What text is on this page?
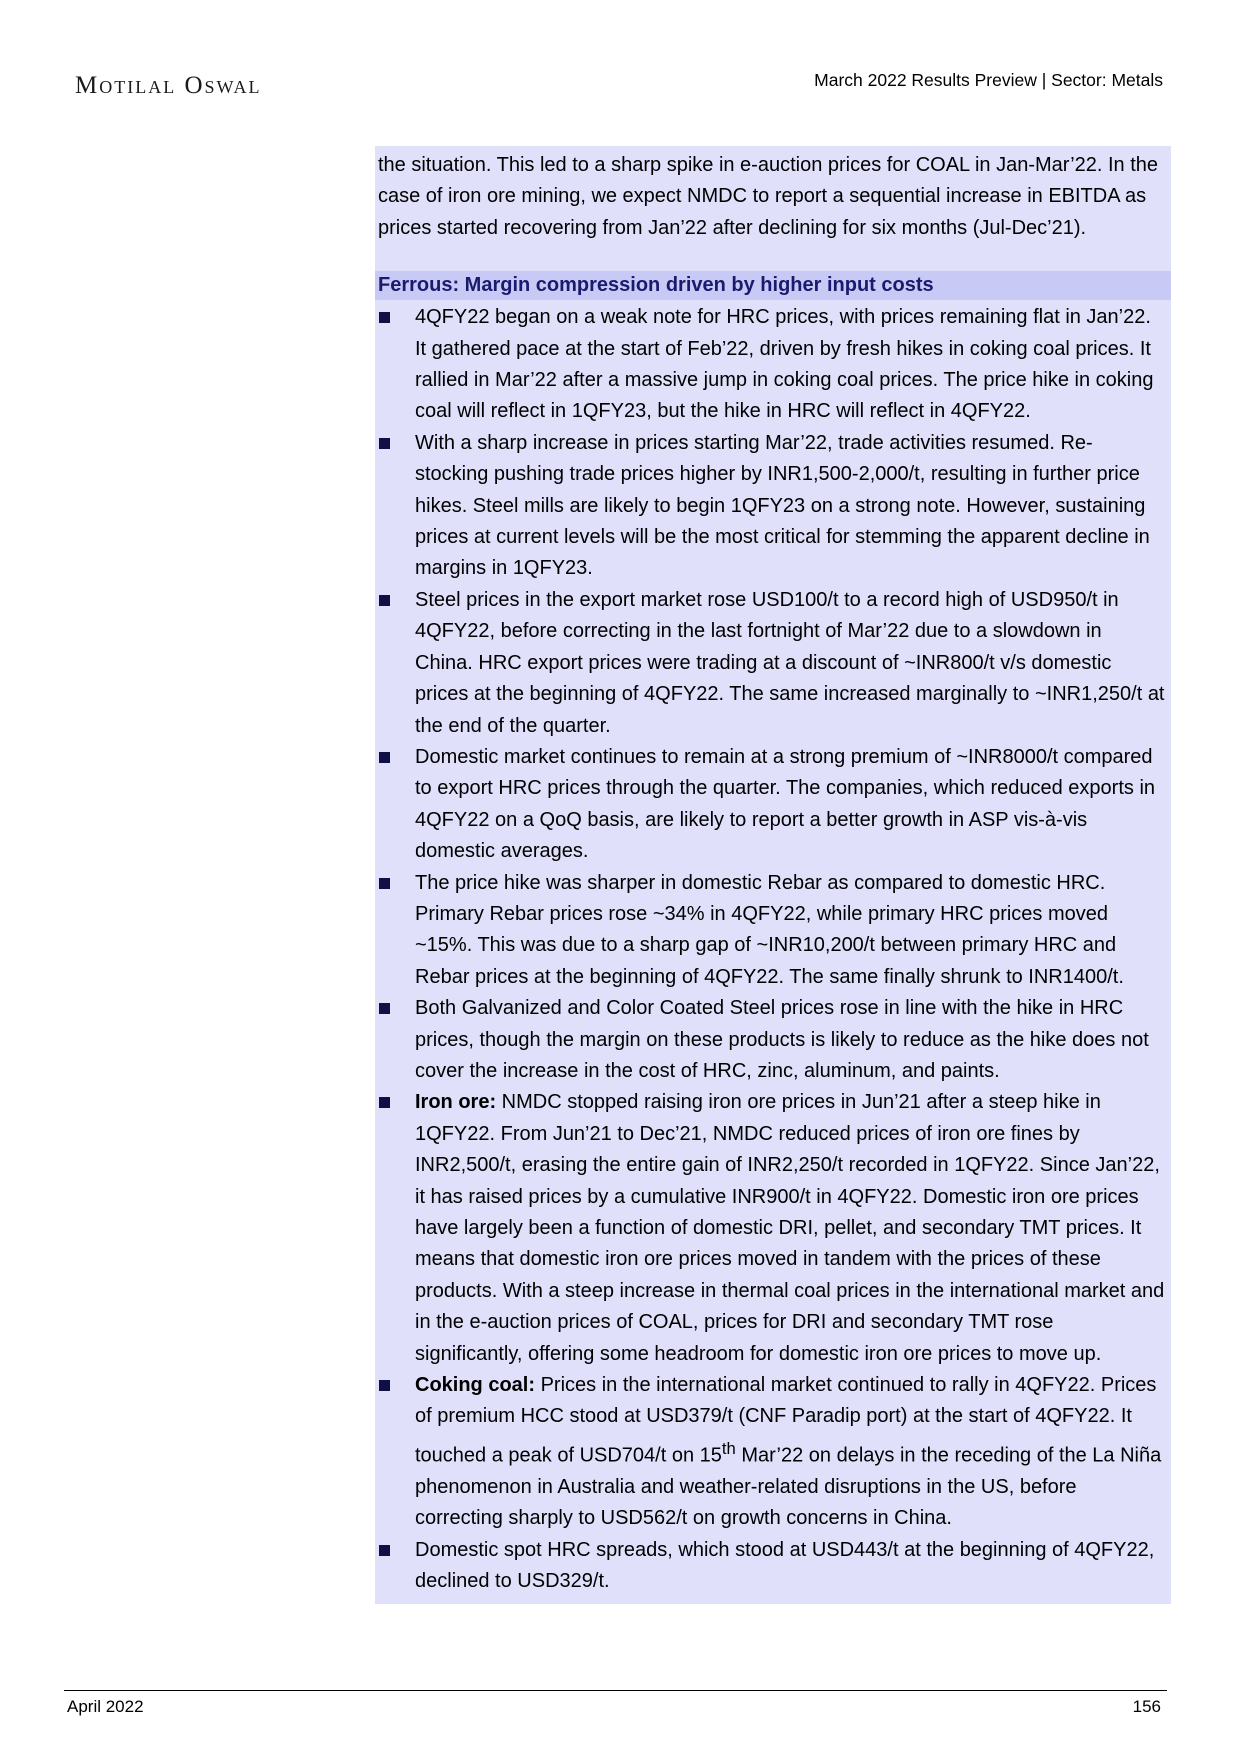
Motilal Oswal	March 2022 Results Preview | Sector: Metals
the situation. This led to a sharp spike in e-auction prices for COAL in Jan-Mar’22. In the case of iron ore mining, we expect NMDC to report a sequential increase in EBITDA as prices started recovering from Jan’22 after declining for six months (Jul-Dec’21).
Ferrous: Margin compression driven by higher input costs
4QFY22 began on a weak note for HRC prices, with prices remaining flat in Jan’22. It gathered pace at the start of Feb’22, driven by fresh hikes in coking coal prices. It rallied in Mar’22 after a massive jump in coking coal prices. The price hike in coking coal will reflect in 1QFY23, but the hike in HRC will reflect in 4QFY22.
With a sharp increase in prices starting Mar’22, trade activities resumed. Re-stocking pushing trade prices higher by INR1,500-2,000/t, resulting in further price hikes. Steel mills are likely to begin 1QFY23 on a strong note. However, sustaining prices at current levels will be the most critical for stemming the apparent decline in margins in 1QFY23.
Steel prices in the export market rose USD100/t to a record high of USD950/t in 4QFY22, before correcting in the last fortnight of Mar’22 due to a slowdown in China. HRC export prices were trading at a discount of ~INR800/t v/s domestic prices at the beginning of 4QFY22. The same increased marginally to ~INR1,250/t at the end of the quarter.
Domestic market continues to remain at a strong premium of ~INR8000/t compared to export HRC prices through the quarter. The companies, which reduced exports in 4QFY22 on a QoQ basis, are likely to report a better growth in ASP vis-à-vis domestic averages.
The price hike was sharper in domestic Rebar as compared to domestic HRC. Primary Rebar prices rose ~34% in 4QFY22, while primary HRC prices moved ~15%. This was due to a sharp gap of ~INR10,200/t between primary HRC and Rebar prices at the beginning of 4QFY22. The same finally shrunk to INR1400/t.
Both Galvanized and Color Coated Steel prices rose in line with the hike in HRC prices, though the margin on these products is likely to reduce as the hike does not cover the increase in the cost of HRC, zinc, aluminum, and paints.
Iron ore: NMDC stopped raising iron ore prices in Jun’21 after a steep hike in 1QFY22. From Jun’21 to Dec’21, NMDC reduced prices of iron ore fines by INR2,500/t, erasing the entire gain of INR2,250/t recorded in 1QFY22. Since Jan’22, it has raised prices by a cumulative INR900/t in 4QFY22. Domestic iron ore prices have largely been a function of domestic DRI, pellet, and secondary TMT prices. It means that domestic iron ore prices moved in tandem with the prices of these products. With a steep increase in thermal coal prices in the international market and in the e-auction prices of COAL, prices for DRI and secondary TMT rose significantly, offering some headroom for domestic iron ore prices to move up.
Coking coal: Prices in the international market continued to rally in 4QFY22. Prices of premium HCC stood at USD379/t (CNF Paradip port) at the start of 4QFY22. It touched a peak of USD704/t on 15th Mar’22 on delays in the receding of the La Niña phenomenon in Australia and weather-related disruptions in the US, before correcting sharply to USD562/t on growth concerns in China.
Domestic spot HRC spreads, which stood at USD443/t at the beginning of 4QFY22, declined to USD329/t.
April 2022	156
